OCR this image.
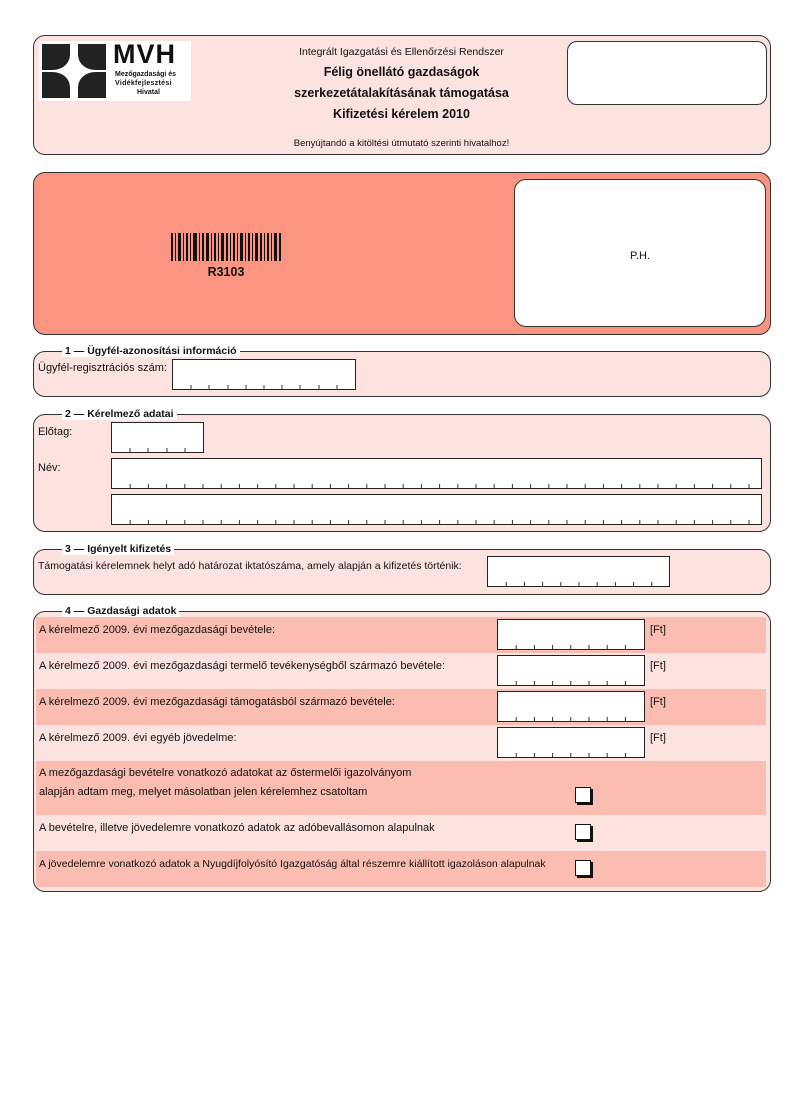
MVH
Mezőgazdasági és
Vidékfejlesztési
Hivatal
Integrált Igazgatási és Ellenőrzési Rendszer
Félig önellátó gazdaságok
szerkezetátalakításának támogatása
Kifizetési kérelem 2010
Benyújtandó a kitöltési útmutató szerinti hivatalhoz!
R3103
P.H.
1 — Ügyfél-azonosítási információ
Ügyfél-regisztrációs szám:
2 — Kérelmező adatai
Előtag:
Név:
3 — Igényelt kifizetés
Támogatási kérelemnek helyt adó határozat iktatószáma, amely alapján a kifizetés történik:
4 — Gazdasági adatok
A kérelmező 2009. évi mezőgazdasági bevétele:	[Ft]
A kérelmező 2009. évi mezőgazdasági termelő tevékenységből származó bevétele:	[Ft]
A kérelmező 2009. évi mezőgazdasági támogatásból származó bevétele:	[Ft]
A kérelmező 2009. évi egyéb jövedelme:	[Ft]
A mezőgazdasági bevételre vonatkozó adatokat az őstermelői igazolványom
alapján adtam meg, melyet másolatban jelen kérelemhez csatoltam
A bevételre, illetve jövedelemre vonatkozó adatok az adóbevallásomon alapulnak
A jövedelemre vonatkozó adatok a Nyugdíjfolyósító Igazgatóság által részemre kiállított igazoláson alapulnak
